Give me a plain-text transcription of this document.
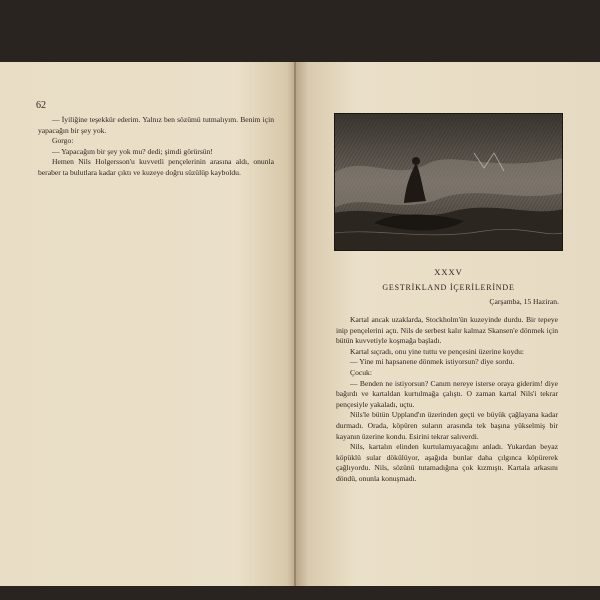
62

— İyiliğine teşekkür ederim. Yalnız ben sözümü tutmalıyım. Benim için yapacağın bir şey yok.

Gorgo:

— Yapacağım bir şey yok mu? dedi; şimdi görürsün!

Hemen Nils Holgersson'u kuvvetli pençelerinin arasına aldı, onunla beraber ta bulutlara kadar çıktı ve kuzeye doğru süzülüp kayboldu.

XXXV
GESTRİKLAND İÇERİLERİNDE
Çarşamba, 15 Haziran.

Kartal ancak uzaklarda, Stockholm'ün kuzeyinde durdu. Bir tepeye inip pençelerini açtı. Nils de serbest kalır kalmaz Skansen'e dönmek için bütün kuvvetiyle koşmağa başladı.

Kartal sıçradı, onu yine tuttu ve pençesini üzerine koydu:

— Yine mi hapsanene dönmek istiyorsun? diye sordu.

Çocuk:

— Benden ne istiyorsun? Canım nereye isterse oraya giderim! diye bağırdı ve kartaldan kurtulmağa çalıştı. O zaman kartal Nils'i tekrar pençesiyle yakaladı, uçtu.

Nils'le bütün Uppland'ın üzerinden geçti ve büyük çağlayana kadar durmadı. Orada, köpüren suların arasında tek başına yükselmiş bir kayanın üzerine kondu. Esirini tekrar salıverdi.

Nils, kartalın elinden kurtulamıyacağını anladı. Yukardan beyaz köpüklü sular dökülüyor, aşağıda bunlar daha çılgınca köpürerek çağlıyordu. Nils, sözünü tutamadığına çok kızmıştı. Kartala arkasını döndü, onunla konuşmadı.
